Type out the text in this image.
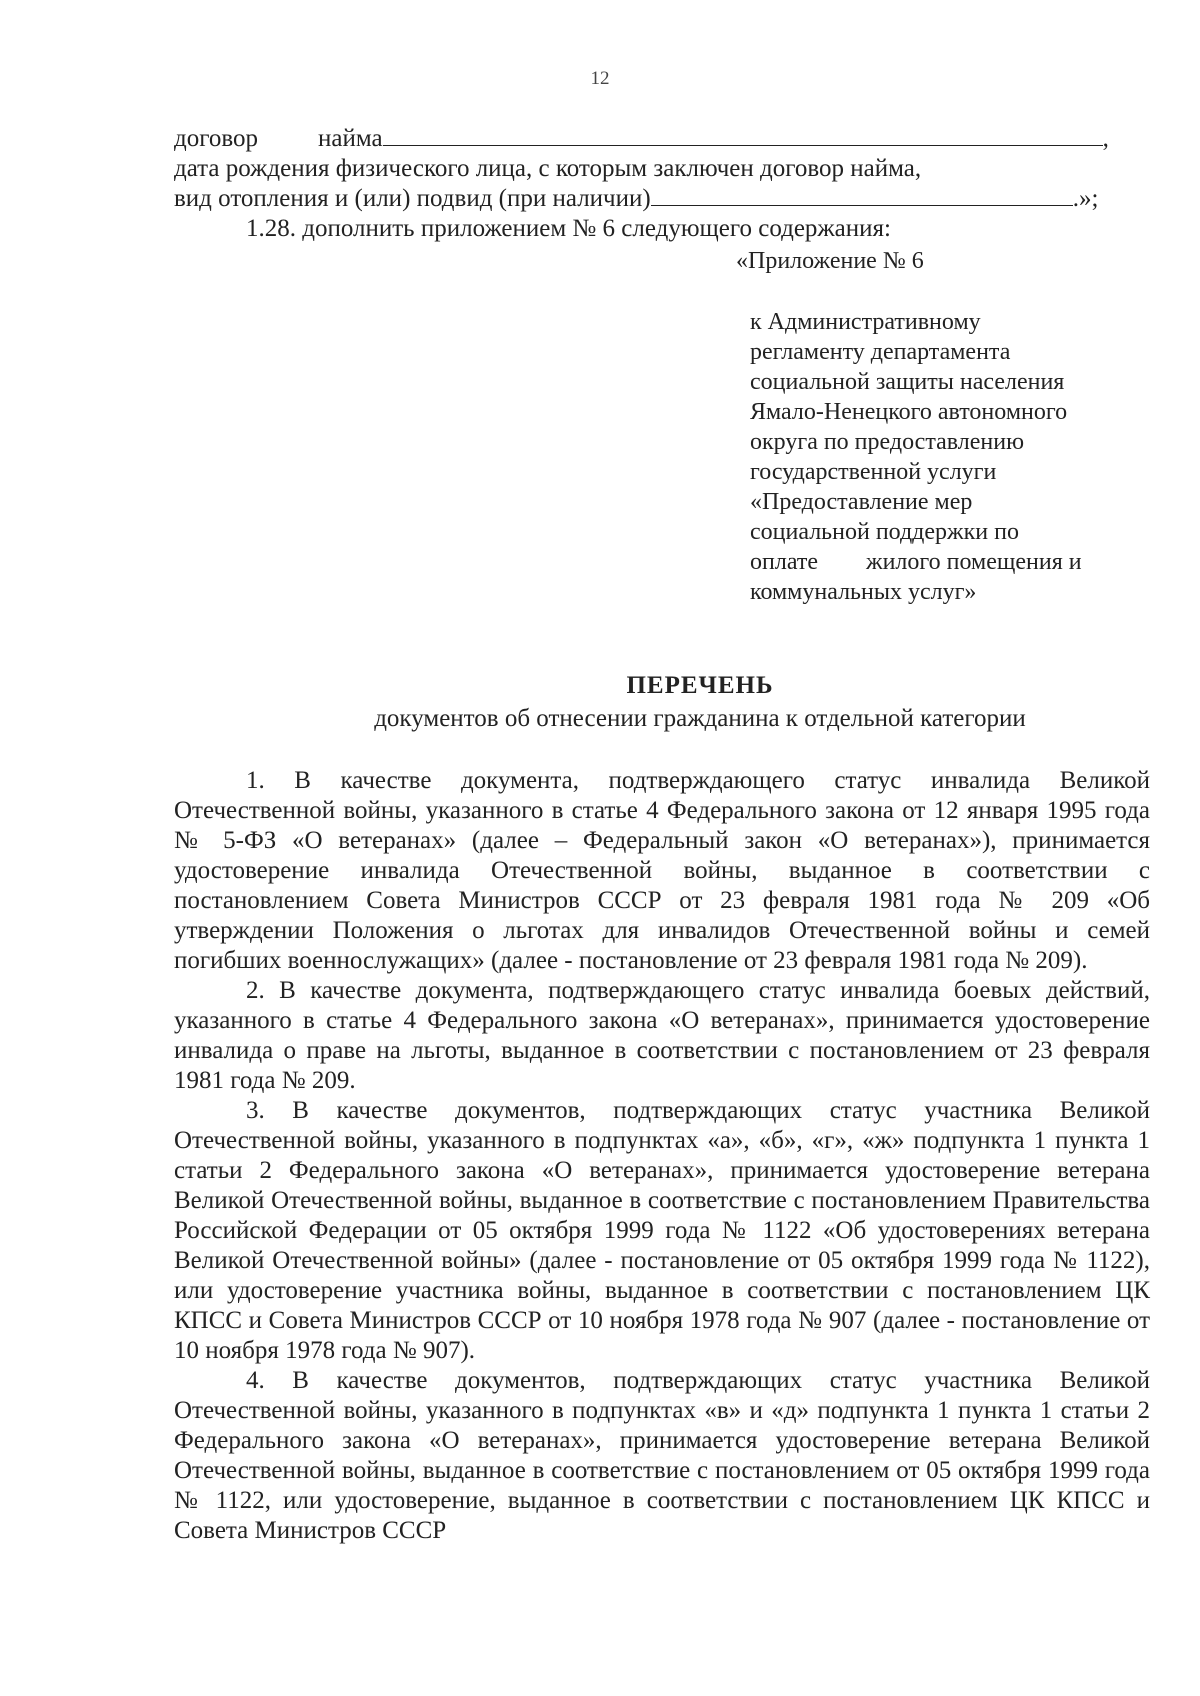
12
договор найма	,
дата рождения физического лица, с которым заключен договор найма,
вид отопления и (или) подвид (при наличии)	.»;
1.28. дополнить приложением № 6 следующего содержания:
«Приложение № 6
к Административному
регламенту департамента
социальной защиты населения
Ямало-Ненецкого автономного
округа по предоставлению
государственной услуги
«Предоставление мер
социальной поддержки по
оплате        жилого помещения и
коммунальных услуг»
ПЕРЕЧЕНЬ
документов об отнесении гражданина к отдельной категории

1. В качестве документа, подтверждающего статус инвалида Великой Отечественной войны, указанного в статье 4 Федерального закона от 12 января 1995 года № 5-ФЗ «О ветеранах» (далее – Федеральный закон «О ветеранах»), принимается удостоверение инвалида Отечественной войны, выданное в соответствии с постановлением Совета Министров СССР от 23 февраля 1981 года № 209 «Об утверждении Положения о льготах для инвалидов Отечественной войны и семей погибших военнослужащих» (далее - постановление от 23 февраля 1981 года № 209).

2. В качестве документа, подтверждающего статус инвалида боевых действий, указанного в статье 4 Федерального закона «О ветеранах», принимается удостоверение инвалида о праве на льготы, выданное в соответствии с постановлением от 23 февраля 1981 года № 209.

3. В качестве документов, подтверждающих статус участника Великой Отечественной войны, указанного в подпунктах «а», «б», «г», «ж» подпункта 1 пункта 1 статьи 2 Федерального закона «О ветеранах», принимается удостоверение ветерана Великой Отечественной войны, выданное в соответствие с постановлением Правительства Российской Федерации от 05 октября 1999 года № 1122 «Об удостоверениях ветерана Великой Отечественной войны» (далее - постановление от 05 октября 1999 года № 1122), или удостоверение участника войны, выданное в соответствии с постановлением ЦК КПСС и Совета Министров СССР от 10 ноября 1978 года № 907 (далее - постановление от 10 ноября 1978 года № 907).

4. В качестве документов, подтверждающих статус участника Великой Отечественной войны, указанного в подпунктах «в» и «д» подпункта 1 пункта 1 статьи 2 Федерального закона «О ветеранах», принимается удостоверение ветерана Великой Отечественной войны, выданное в соответствие с постановлением от 05 октября 1999 года № 1122, или удостоверение, выданное в соответствии с постановлением ЦК КПСС и Совета Министров СССР
